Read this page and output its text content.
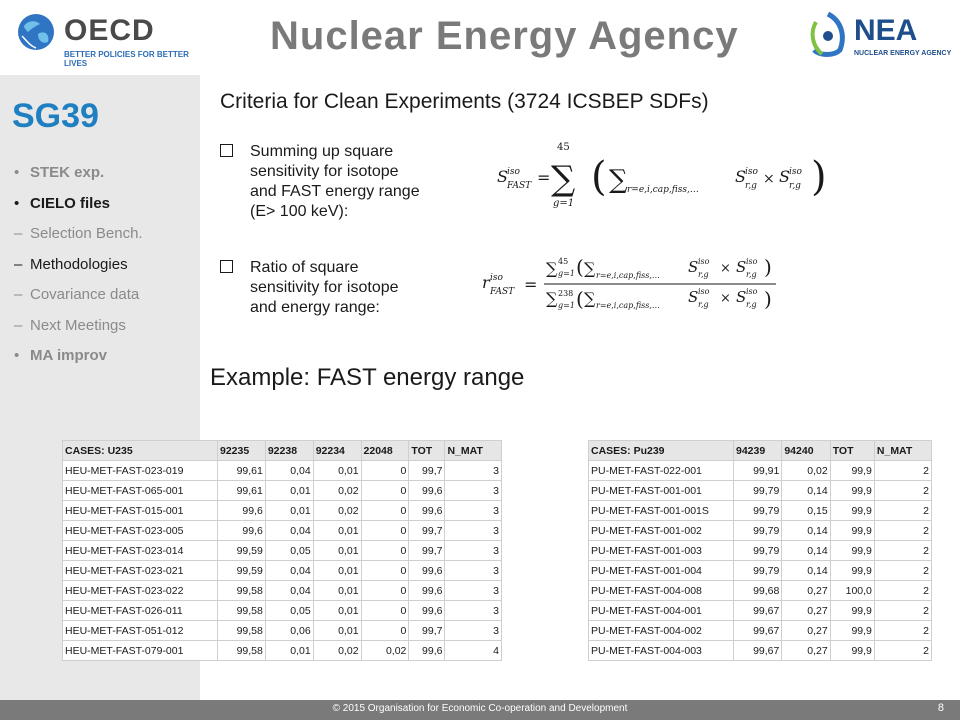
OECD
BETTER POLICIES FOR BETTER LIVES
Nuclear Energy Agency	NEA
NUCLEAR ENERGY AGENCY
SG39
• STEK exp.
• CIELO files
– Selection Bench.
– Methodologies
– Covariance data
– Next Meetings
• MA improv
Criteria for Clean Experiments (3724 ICSBEP SDFs)
Summing up square
sensitivity for isotope
and FAST energy range
(E> 100 keV):
Ratio of square
sensitivity for isotope
and energy range:
S iso
FAST =
45
∑
g=1
( ∑ r=e,i,cap,fiss,…
S iso
r,g × S iso
r,g )
r iso
FAST =
∑ 45
g=1 ( ∑ r=e,i,cap,fiss,… S iso
r,g × S iso
r,g )
∑ 238
g=1 ( ∑ r=e,i,cap,fiss,… S iso
r,g × S iso
r,g )
Example: FAST energy range
CASES: U235	92235	92238	92234	22048	TOT	N_MAT
HEU-MET-FAST-023-019	99,61	0,04	0,01	0	99,7	3
HEU-MET-FAST-065-001	99,61	0,01	0,02	0	99,6	3
HEU-MET-FAST-015-001	99,6	0,01	0,02	0	99,6	3
HEU-MET-FAST-023-005	99,6	0,04	0,01	0	99,7	3
HEU-MET-FAST-023-014	99,59	0,05	0,01	0	99,7	3
HEU-MET-FAST-023-021	99,59	0,04	0,01	0	99,6	3
HEU-MET-FAST-023-022	99,58	0,04	0,01	0	99,6	3
HEU-MET-FAST-026-011	99,58	0,05	0,01	0	99,6	3
HEU-MET-FAST-051-012	99,58	0,06	0,01	0	99,7	3
HEU-MET-FAST-079-001	99,58	0,01	0,02	0,02	99,6	4
CASES: Pu239	94239	94240	TOT	N_MAT
PU-MET-FAST-022-001	99,91	0,02	99,9	2
PU-MET-FAST-001-001	99,79	0,14	99,9	2
PU-MET-FAST-001-001S	99,79	0,15	99,9	2
PU-MET-FAST-001-002	99,79	0,14	99,9	2
PU-MET-FAST-001-003	99,79	0,14	99,9	2
PU-MET-FAST-001-004	99,79	0,14	99,9	2
PU-MET-FAST-004-008	99,68	0,27	100,0	2
PU-MET-FAST-004-001	99,67	0,27	99,9	2
PU-MET-FAST-004-002	99,67	0,27	99,9	2
PU-MET-FAST-004-003	99,67	0,27	99,9	2
© 2015 Organisation for Economic Co-operation and Development	8
